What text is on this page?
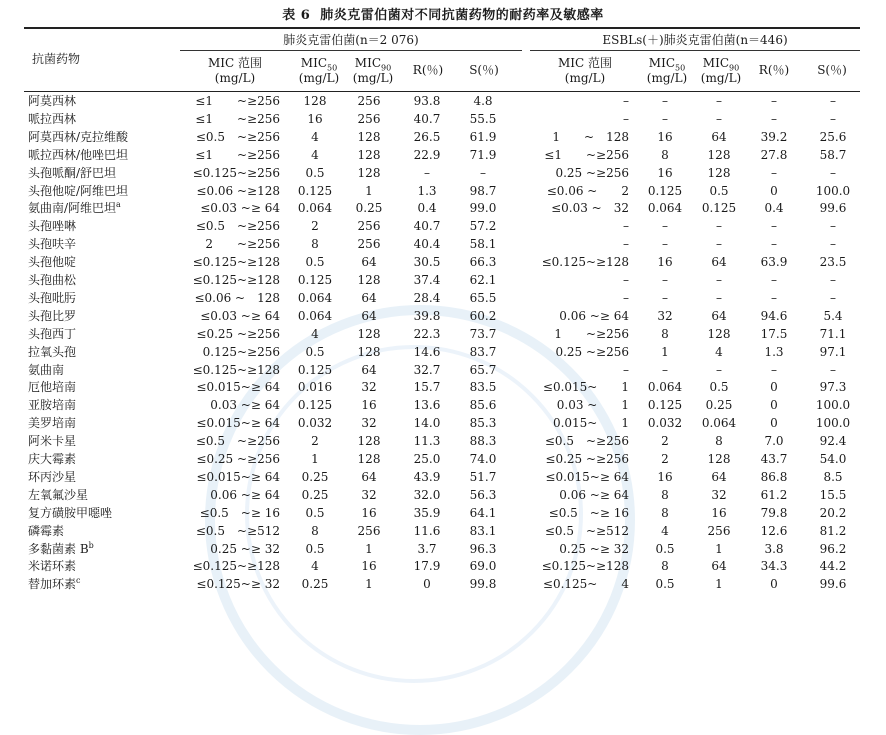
表 6 肺炎克雷伯菌对不同抗菌药物的耐药率及敏感率
抗菌药物
肺炎克雷伯菌(n＝2 076)	ESBLs(＋)肺炎克雷伯菌(n＝446)
MIC 范围
(mg/L)
$MIC_{50}$
(mg/L)
$MIC_{90}$
(mg/L)
R(％)	S(％)	MIC 范围
(mg/L)
$MIC_{50}$
(mg/L)
$MIC_{90}$
(mg/L)
R(％)	S(％)
阿莫西林	≤1　　~≥256	128	256	93.8	4.8	–	–	–	–	–
哌拉西林	≤1　　~≥256	16	256	40.7	55.5	–	–	–	–	–
阿莫西林/克拉维酸	≤0.5　~≥256	4	128	26.5	61.9	1　　~　128	16	64	39.2	25.6
哌拉西林/他唑巴坦	≤1　　~≥256	4	128	22.9	71.9	≤1　　~≥256	8	128	27.8	58.7
头孢哌酮/舒巴坦	≤0.125~≥256	0.5	128	–	–	0.25 ~≥256	16	128	–	–
头孢他啶/阿维巴坦	≤0.06 ~≥128	0.125	1	1.3	98.7	≤0.06 ~　　2	0.125	0.5	0	100.0
氨曲南/阿维巴坦$^a$	≤0.03 ~≥ 64	0.064	0.25	0.4	99.0	≤0.03 ~　32	0.064	0.125	0.4	99.6
头孢唑啉	≤0.5　~≥256	2	256	40.7	57.2	–	–	–	–	–
头孢呋辛	2　　~≥256	8	256	40.4	58.1	–	–	–	–	–
头孢他啶	≤0.125~≥128	0.5	64	30.5	66.3	≤0.125~≥128	16	64	63.9	23.5
头孢曲松	≤0.125~≥128	0.125	128	37.4	62.1	–	–	–	–	–
头孢吡肟	≤0.06 ~　128	0.064	64	28.4	65.5	–	–	–	–	–
头孢比罗	≤0.03 ~≥ 64	0.064	64	39.8	60.2	0.06 ~≥ 64	32	64	94.6	5.4
头孢西丁	≤0.25 ~≥256	4	128	22.3	73.7	1　　~≥256	8	128	17.5	71.1
拉氧头孢	0.125~≥256	0.5	128	14.6	83.7	0.25 ~≥256	1	4	1.3	97.1
氨曲南	≤0.125~≥128	0.125	64	32.7	65.7	–	–	–	–	–
厄他培南	≤0.015~≥ 64	0.016	32	15.7	83.5	≤0.015~　　1	0.064	0.5	0	97.3
亚胺培南	0.03 ~≥ 64	0.125	16	13.6	85.6	0.03 ~　　1	0.125	0.25	0	100.0
美罗培南	≤0.015~≥ 64	0.032	32	14.0	85.3	0.015~　　1	0.032	0.064	0	100.0
阿米卡星	≤0.5　~≥256	2	128	11.3	88.3	≤0.5　~≥256	2	8	7.0	92.4
庆大霉素	≤0.25 ~≥256	1	128	25.0	74.0	≤0.25 ~≥256	2	128	43.7	54.0
环丙沙星	≤0.015~≥ 64	0.25	64	43.9	51.7	≤0.015~≥ 64	16	64	86.8	8.5
左氧氟沙星	0.06 ~≥ 64	0.25	32	32.0	56.3	0.06 ~≥ 64	8	32	61.2	15.5
复方磺胺甲噁唑	≤0.5　~≥ 16	0.5	16	35.9	64.1	≤0.5　~≥ 16	8	16	79.8	20.2
磷霉素	≤0.5　~≥512	8	256	11.6	83.1	≤0.5　~≥512	4	256	12.6	81.2
多黏菌素 $B^b$	0.25 ~≥ 32	0.5	1	3.7	96.3	0.25 ~≥ 32	0.5	1	3.8	96.2
米诺环素	≤0.125~≥128	4	16	17.9	69.0	≤0.125~≥128	8	64	34.3	44.2
替加环素$^c$	≤0.125~≥ 32	0.25	1	0	99.8	≤0.125~　　4	0.5	1	0	99.6
